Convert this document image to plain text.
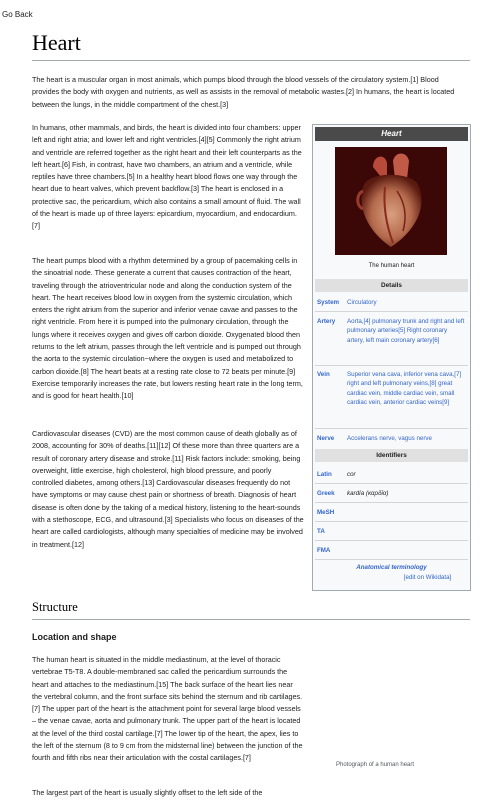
Go Back
Heart

The heart is a muscular organ in most animals, which pumps blood through the blood vessels of the circulatory system.[1] Blood provides the body with oxygen and nutrients, as well as assists in the removal of metabolic wastes.[2] In humans, the heart is located between the lungs, in the middle compartment of the chest.[3]

In humans, other mammals, and birds, the heart is divided into four chambers: upper left and right atria; and lower left and right ventricles.[4][5] Commonly the right atrium and ventricle are referred together as the right heart and their left counterparts as the left heart.[6] Fish, in contrast, have two chambers, an atrium and a ventricle, while reptiles have three chambers.[5] In a healthy heart blood flows one way through the heart due to heart valves, which prevent backflow.[3] The heart is enclosed in a protective sac, the pericardium, which also contains a small amount of fluid. The wall of the heart is made up of three layers: epicardium, myocardium, and endocardium.[7]

The heart pumps blood with a rhythm determined by a group of pacemaking cells in the sinoatrial node. These generate a current that causes contraction of the heart, traveling through the atrioventricular node and along the conduction system of the heart. The heart receives blood low in oxygen from the systemic circulation, which enters the right atrium from the superior and inferior venae cavae and passes to the right ventricle. From here it is pumped into the pulmonary circulation, through the lungs where it receives oxygen and gives off carbon dioxide. Oxygenated blood then returns to the left atrium, passes through the left ventricle and is pumped out through the aorta to the systemic circulation−where the oxygen is used and metabolized to carbon dioxide.[8] The heart beats at a resting rate close to 72 beats per minute.[9] Exercise temporarily increases the rate, but lowers resting heart rate in the long term, and is good for heart health.[10]

Cardiovascular diseases (CVD) are the most common cause of death globally as of 2008, accounting for 30% of deaths.[11][12] Of these more than three quarters are a result of coronary artery disease and stroke.[11] Risk factors include: smoking, being overweight, little exercise, high cholesterol, high blood pressure, and poorly controlled diabetes, among others.[13] Cardiovascular diseases frequently do not have symptoms or may cause chest pain or shortness of breath. Diagnosis of heart disease is often done by the taking of a medical history, listening to the heart-sounds with a stethoscope, ECG, and ultrasound.[3] Specialists who focus on diseases of the heart are called cardiologists, although many specialties of medicine may be involved in treatment.[12]

Heart
The human heart
Details
System	Circulatory
Artery	Aorta,[4] pulmonary trunk and right and left pulmonary arteries[5] Right coronary artery, left main coronary artery[6]
Vein	Superior vena cava, inferior vena cava,[7] right and left pulmonary veins,[8] great cardiac vein, middle cardiac vein, small cardiac vein, anterior cardiac veins[9]
Nerve	Accelerans nerve, vagus nerve
Identifiers
Latin	cor
Greek	kardía (καρδία)
MeSH
TA
FMA
Anatomical terminology
[edit on Wikidata]
Structure
Location and shape

The human heart is situated in the middle mediastinum, at the level of thoracic vertebrae T5-T8. A double-membraned sac called the pericardium surrounds the heart and attaches to the mediastinum.[15] The back surface of the heart lies near the vertebral column, and the front surface sits behind the sternum and rib cartilages.[7] The upper part of the heart is the attachment point for several large blood vessels – the venae cavae, aorta and pulmonary trunk. The upper part of the heart is located at the level of the third costal cartilage.[7] The lower tip of the heart, the apex, lies to the left of the sternum (8 to 9 cm from the midsternal line) between the junction of the fourth and fifth ribs near their articulation with the costal cartilages.[7]

Photograph of a human heart

The largest part of the heart is usually slightly offset to the left side of the
